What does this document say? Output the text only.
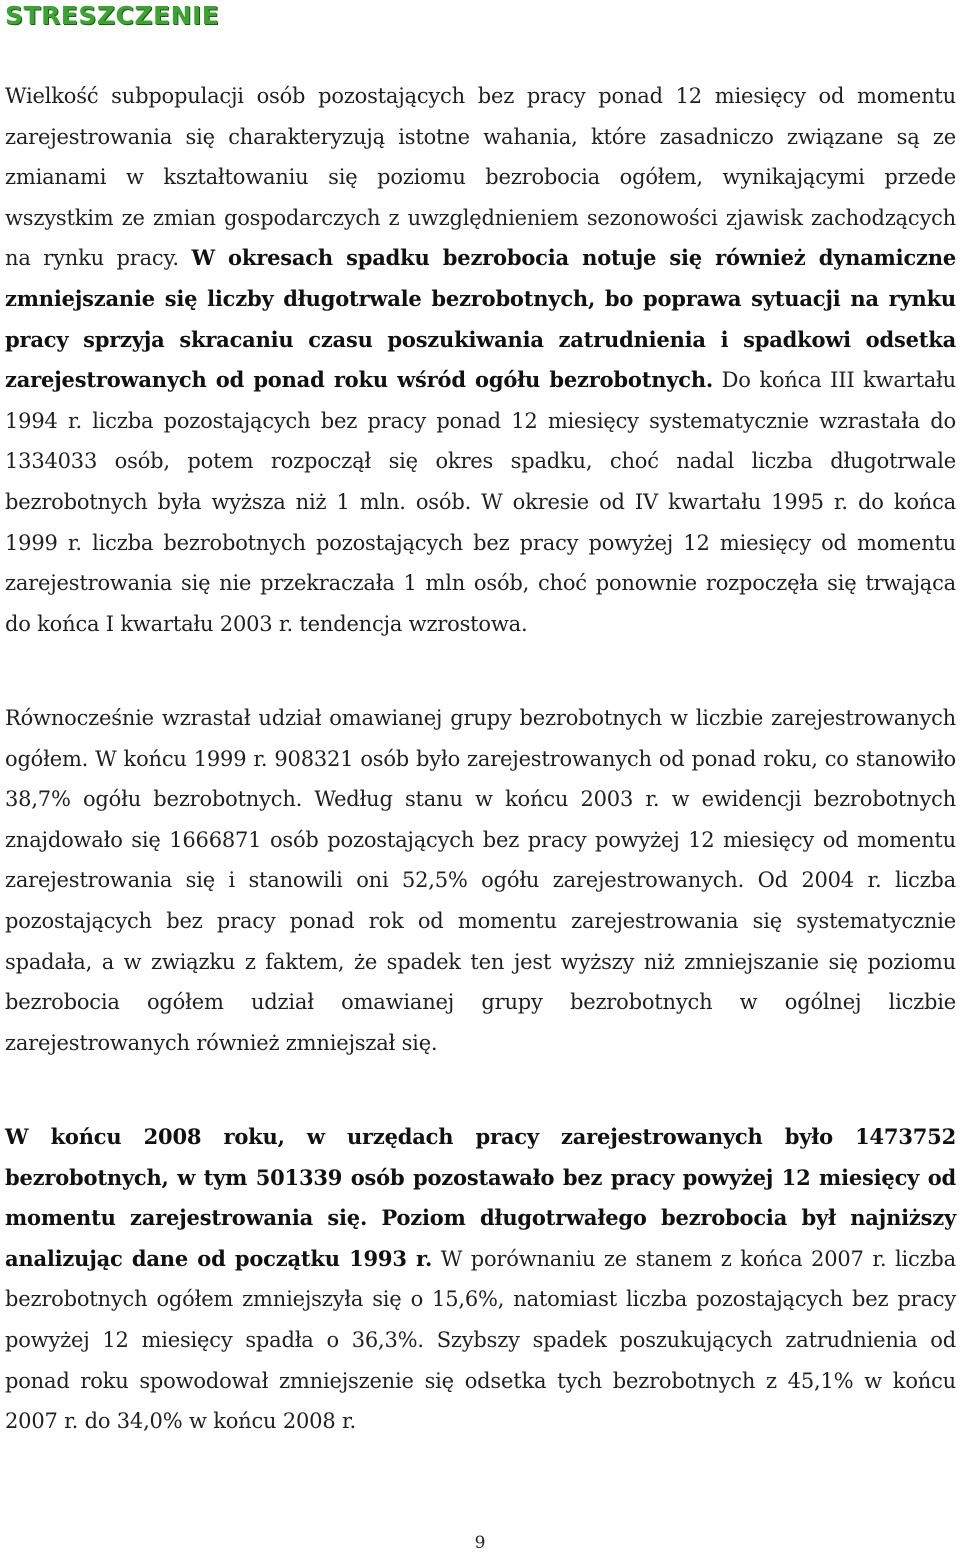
STRESZCZENIE

Wielkość subpopulacji osób pozostających bez pracy ponad 12 miesięcy od momentu zarejestrowania się charakteryzują istotne wahania, które zasadniczo związane są ze zmianami w kształtowaniu się poziomu bezrobocia ogółem, wynikającymi przede wszystkim ze zmian gospodarczych z uwzględnieniem sezonowości zjawisk zachodzących na rynku pracy. W okresach spadku bezrobocia notuje się również dynamiczne zmniejszanie się liczby długotrwale bezrobotnych, bo poprawa sytuacji na rynku pracy sprzyja skracaniu czasu poszukiwania zatrudnienia i spadkowi odsetka zarejestrowanych od ponad roku wśród ogółu bezrobotnych. Do końca III kwartału 1994 r. liczba pozostających bez pracy ponad 12 miesięcy systematycznie wzrastała do 1334033 osób, potem rozpoczął się okres spadku, choć nadal liczba długotrwale bezrobotnych była wyższa niż 1 mln. osób. W okresie od IV kwartału 1995 r. do końca 1999 r. liczba bezrobotnych pozostających bez pracy powyżej 12 miesięcy od momentu zarejestrowania się nie przekraczała 1 mln osób, choć ponownie rozpoczęła się trwająca do końca I kwartału 2003 r. tendencja wzrostowa.

Równocześnie wzrastał udział omawianej grupy bezrobotnych w liczbie zarejestrowanych ogółem. W końcu 1999 r. 908321 osób było zarejestrowanych od ponad roku, co stanowiło 38,7% ogółu bezrobotnych. Według stanu w końcu 2003 r. w ewidencji bezrobotnych znajdowało się 1666871 osób pozostających bez pracy powyżej 12 miesięcy od momentu zarejestrowania się i stanowili oni 52,5% ogółu zarejestrowanych. Od 2004 r. liczba pozostających bez pracy ponad rok od momentu zarejestrowania się systematycznie spadała, a w związku z faktem, że spadek ten jest wyższy niż zmniejszanie się poziomu bezrobocia ogółem udział omawianej grupy bezrobotnych w ogólnej liczbie zarejestrowanych również zmniejszał się.

W końcu 2008 roku, w urzędach pracy zarejestrowanych było 1473752 bezrobotnych, w tym 501339 osób pozostawało bez pracy powyżej 12 miesięcy od momentu zarejestrowania się. Poziom długotrwałego bezrobocia był najniższy analizując dane od początku 1993 r. W porównaniu ze stanem z końca 2007 r. liczba bezrobotnych ogółem zmniejszyła się o 15,6%, natomiast liczba pozostających bez pracy powyżej 12 miesięcy spadła o 36,3%. Szybszy spadek poszukujących zatrudnienia od ponad roku spowodował zmniejszenie się odsetka tych bezrobotnych z 45,1% w końcu 2007 r. do 34,0% w końcu 2008 r.

9
